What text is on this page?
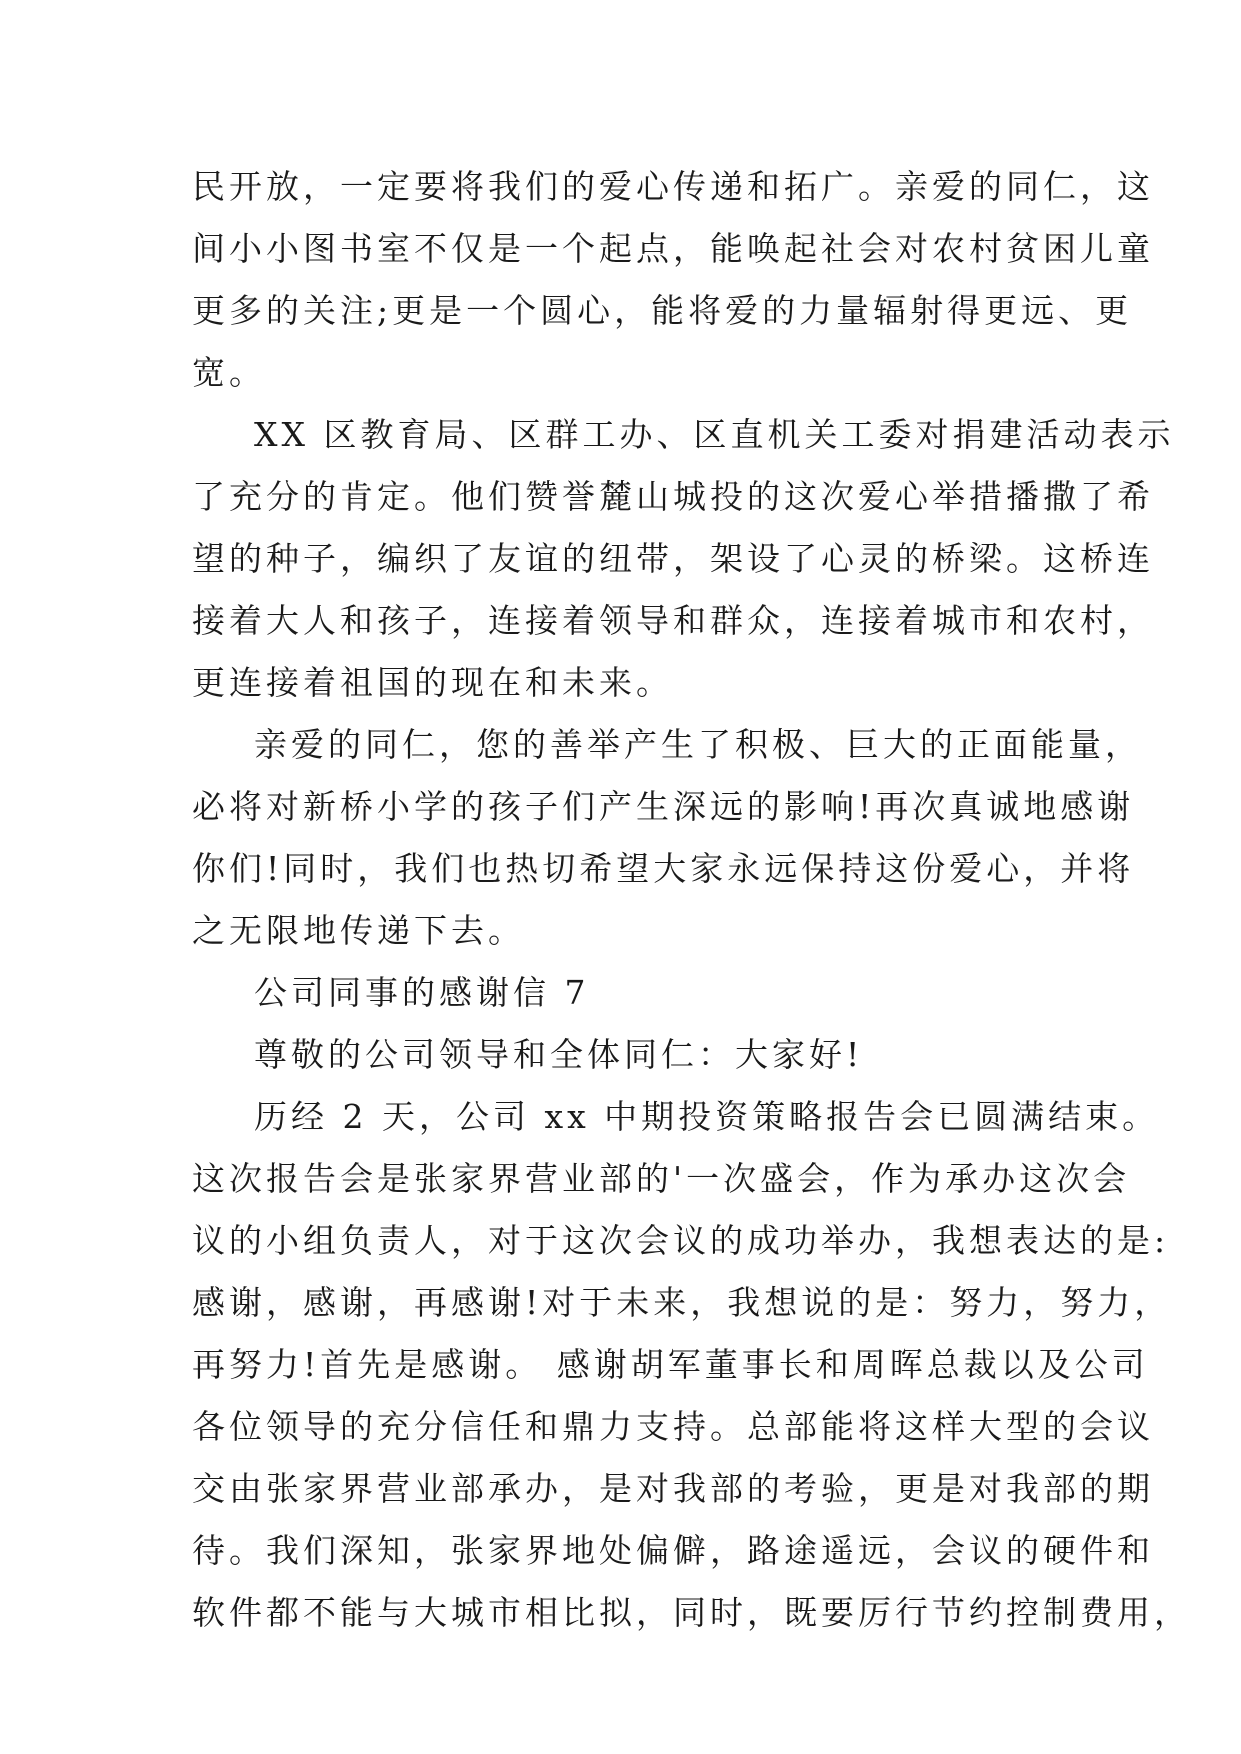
民开放，一定要将我们的爱心传递和拓广。亲爱的同仁，这
间小小图书室不仅是一个起点，能唤起社会对农村贫困儿童
更多的关注;更是一个圆心，能将爱的力量辐射得更远、更
宽。
XX 区教育局、区群工办、区直机关工委对捐建活动表示
了充分的肯定。他们赞誉麓山城投的这次爱心举措播撒了希
望的种子，编织了友谊的纽带，架设了心灵的桥梁。这桥连
接着大人和孩子，连接着领导和群众，连接着城市和农村，
更连接着祖国的现在和未来。
亲爱的同仁，您的善举产生了积极、巨大的正面能量，
必将对新桥小学的孩子们产生深远的影响!再次真诚地感谢
你们!同时，我们也热切希望大家永远保持这份爱心，并将
之无限地传递下去。
公司同事的感谢信 7
尊敬的公司领导和全体同仁：大家好!
历经 2 天，公司 xx 中期投资策略报告会已圆满结束。
这次报告会是张家界营业部的'一次盛会，作为承办这次会
议的小组负责人，对于这次会议的成功举办，我想表达的是:
感谢，感谢，再感谢!对于未来，我想说的是：努力，努力，
再努力!首先是感谢。 感谢胡军董事长和周晖总裁以及公司
各位领导的充分信任和鼎力支持。总部能将这样大型的会议
交由张家界营业部承办，是对我部的考验，更是对我部的期
待。我们深知，张家界地处偏僻，路途遥远，会议的硬件和
软件都不能与大城市相比拟，同时，既要厉行节约控制费用，
